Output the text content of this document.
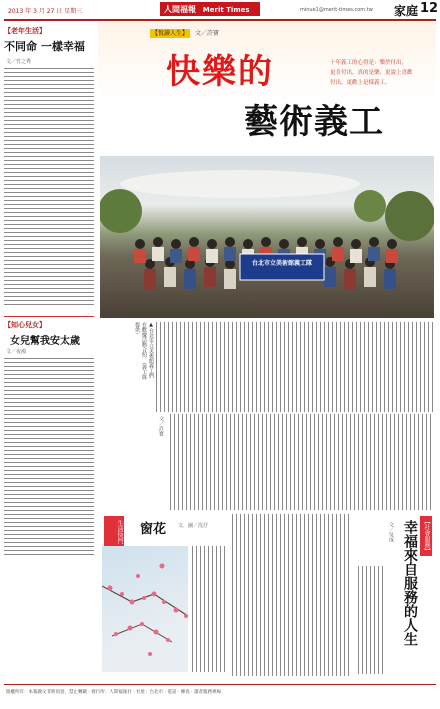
2013 年 3 月 27 日 星期三	人間福報 Merit Times	minue1@merit-times.com.tw 家庭 12
【老年生活】
不同命 一樣幸福
文／竹之秀
【知心兒女】
女兒幫我安太歲
文／夜鴻
【悅讀人生】 文／許寶
快樂的
藝術義工
十年義工的心得是：樂於付出，
更肯付出，真的是樂、更說上喜歡
付出，更歡上是樣義工。
台北市立美術館義工隊
▲台北市立美術館義工們在歡慶活動合照。（義工隊提供）
文／許寶
生活快門 窗花 文．圖／沈仔	【社會服務】
幸福來自服務的人生
文／吳成
版權所有：本報圖文非經同意，禁止轉載 · 發行所：人間福報社 · 社址：台北市 · 電話 · 傳真 · 讀者服務專線
